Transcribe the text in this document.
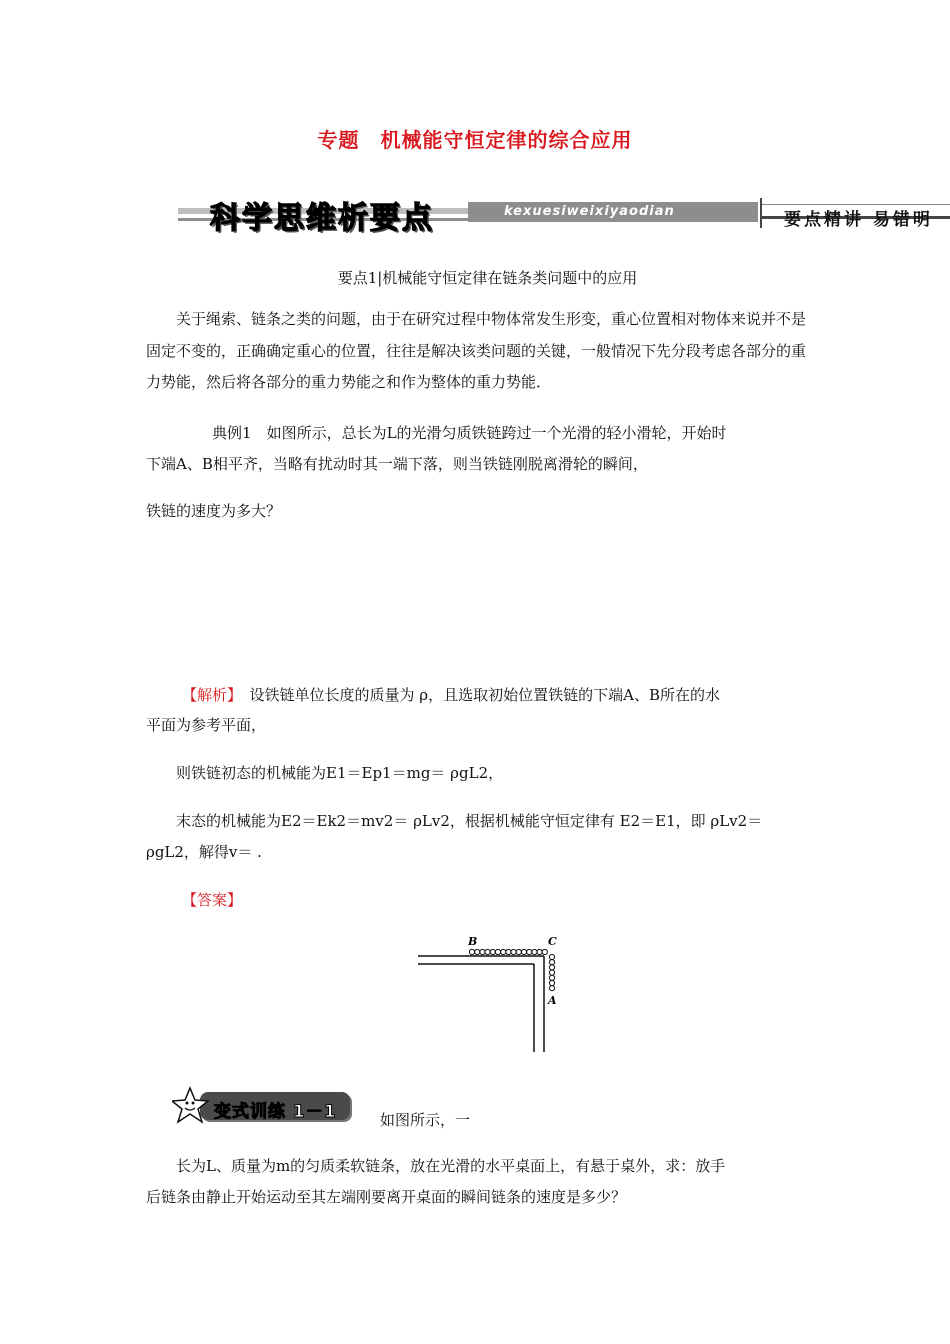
专题　机械能守恒定律的综合应用
科学思维析要点	kexuesiweixiyaodian	要点精讲 易错明
要点1|机械能守恒定律在链条类问题中的应用
关于绳索、链条之类的问题，由于在研究过程中物体常发生形变，重心位置相对物体来说并不是固定不变的，正确确定重心的位置，往往是解决该类问题的关键，一般情况下先分段考虑各部分的重力势能，然后将各部分的重力势能之和作为整体的重力势能．
典例1　 如图所示，总长为L的光滑匀质铁链跨过一个光滑的轻小滑轮，开始时
下端A、B相平齐，当略有扰动时其一端下落，则当铁链刚脱离滑轮的瞬间，
铁链的速度为多大？
【解析】　 设铁链单位长度的质量为 ρ，且选取初始位置铁链的下端A、B所在的水
平面为参考平面，
则铁链初态的机械能为E1＝Ep1＝mg＝ ρgL2，
末态的机械能为E2＝Ek2＝mv2＝ ρLv2，根据机械能守恒定律有 E2＝E1，即 ρLv2＝
ρgL2，解得v＝ .
【答案】
B	C
A
变式训练 1－1	如图所示，一
长为L、质量为m的匀质柔软链条，放在光滑的水平桌面上，有悬于桌外，求：放手
后链条由静止开始运动至其左端刚要离开桌面的瞬间链条的速度是多少？
